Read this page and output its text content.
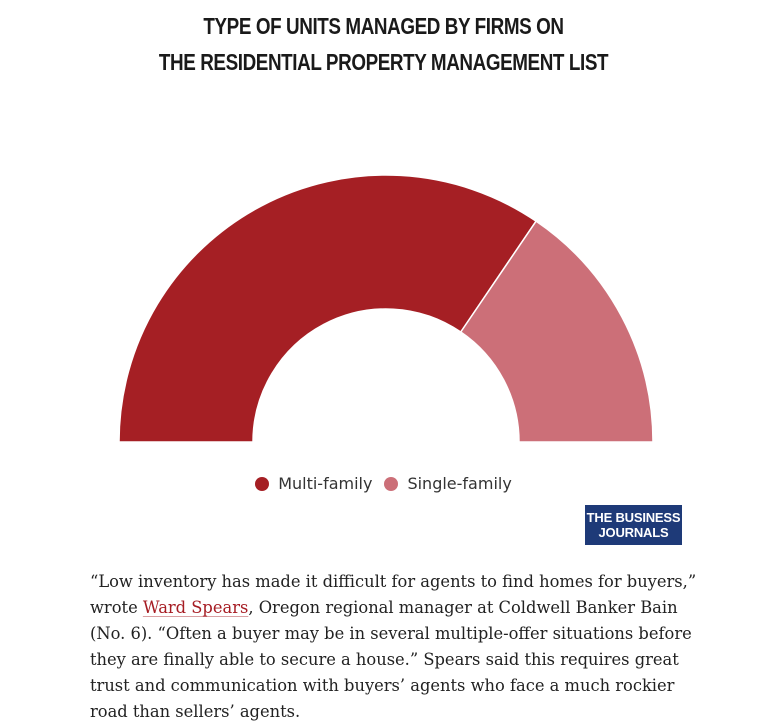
TYPE OF UNITS MANAGED BY FIRMS ON
THE RESIDENTIAL PROPERTY MANAGEMENT LIST
Multi-family Single-family
THE BUSINESS
JOURNALS

“Low inventory has made it difficult for agents to find homes for buyers,” wrote Ward Spears, Oregon regional manager at Coldwell Banker Bain (No. 6). “Often a buyer may be in several multiple-offer situations before they are finally able to secure a house.” Spears said this requires great trust and communication with buyers’ agents who face a much rockier road than sellers’ agents.
